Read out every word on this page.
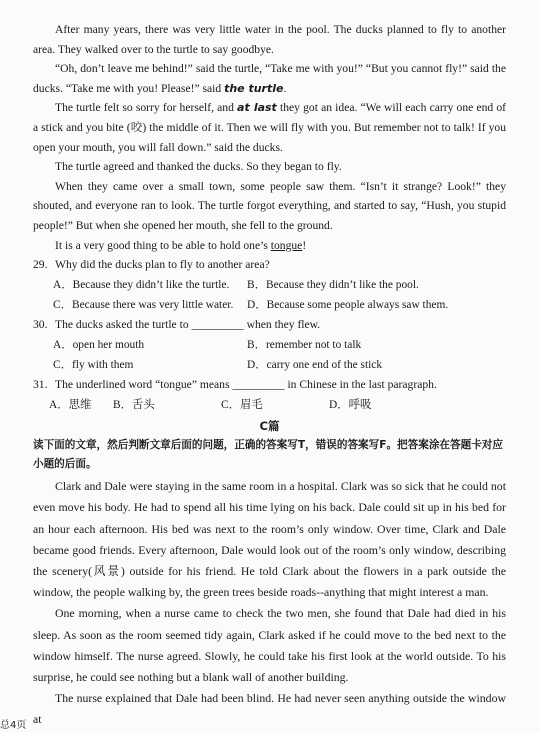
After many years, there was very little water in the pool. The ducks planned to fly to another area. They walked over to the turtle to say goodbye.

“Oh, don’t leave me behind!” said the turtle, “Take me with you!” “But you cannot fly!” said the ducks. “Take me with you! Please!” said the turtle.

The turtle felt so sorry for herself, and at last they got an idea. “We will each carry one end of a stick and you bite (咬) the middle of it. Then we will fly with you. But remember not to talk! If you open your mouth, you will fall down.” said the ducks.

The turtle agreed and thanked the ducks. So they began to fly.

When they came over a small town, some people saw them. “Isn’t it strange? Look!” they shouted, and everyone ran to look. The turtle forgot everything, and started to say, “Hush, you stupid people!” But when she opened her mouth, she fell to the ground.

It is a very good thing to be able to hold one’s tongue!

29. Why did the ducks plan to fly to another area?

A．Because they didn’t like the turtle.	B．Because they didn’t like the pool.
C．Because there was very little water.	D．Because some people always saw them.

30. The ducks asked the turtle to _________ when they flew.

A．open her mouth	B．remember not to talk
C．fly with them	D．carry one end of the stick

31. The underlined word “tongue” means _________ in Chinese in the last paragraph.

A．思维	B．舌头	C．眉毛	D．呼吸

C篇

读下面的文章，然后判断文章后面的问题，正确的答案写T，错误的答案写F。把答案涂在答题卡对应小题的后面。

Clark and Dale were staying in the same room in a hospital. Clark was so sick that he could not even move his body. He had to spend all his time lying on his back. Dale could sit up in his bed for an hour each afternoon. His bed was next to the room’s only window. Over time, Clark and Dale became good friends. Every afternoon, Dale would look out of the room’s only window, describing the scenery(风景) outside for his friend. He told Clark about the flowers in a park outside the window, the people walking by, the green trees beside roads--anything that might interest a man.

One morning, when a nurse came to check the two men, she found that Dale had died in his sleep. As soon as the room seemed tidy again, Clark asked if he could move to the bed next to the window himself. The nurse agreed. Slowly, he could take his first look at the world outside. To his surprise, he could see nothing but a blank wall of another building.

The nurse explained that Dale had been blind. He had never seen anything outside the window at

总4页
